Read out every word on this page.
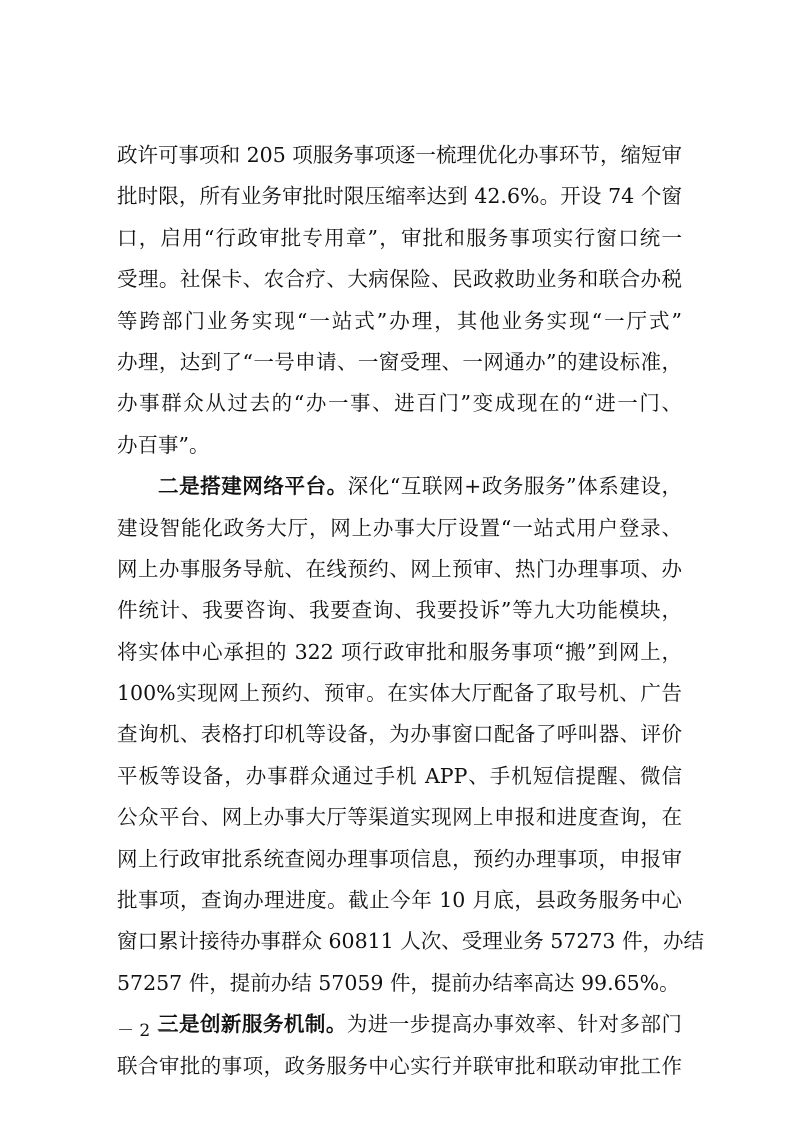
政许可事项和 205 项服务事项逐一梳理优化办事环节，缩短审
批时限，所有业务审批时限压缩率达到 42.6%。开设 74 个窗
口，启用“行政审批专用章”，审批和服务事项实行窗口统一
受理。社保卡、农合疗、大病保险、民政救助业务和联合办税
等跨部门业务实现“一站式”办理，其他业务实现“一厅式”
办理，达到了“一号申请、一窗受理、一网通办”的建设标准，
办事群众从过去的“办一事、进百门”变成现在的“进一门、
办百事”。
二是搭建网络平台。深化“互联网+政务服务”体系建设，
建设智能化政务大厅，网上办事大厅设置“一站式用户登录、
网上办事服务导航、在线预约、网上预审、热门办理事项、办
件统计、我要咨询、我要查询、我要投诉”等九大功能模块，
将实体中心承担的 322 项行政审批和服务事项“搬”到网上，
100%实现网上预约、预审。在实体大厅配备了取号机、广告
查询机、表格打印机等设备，为办事窗口配备了呼叫器、评价
平板等设备，办事群众通过手机 APP、手机短信提醒、微信
公众平台、网上办事大厅等渠道实现网上申报和进度查询，在
网上行政审批系统查阅办理事项信息，预约办理事项，申报审
批事项，查询办理进度。截止今年 10 月底，县政务服务中心
窗口累计接待办事群众 60811 人次、受理业务 57273 件，办结
57257 件，提前办结 57059 件，提前办结率高达 99.65%。
三是创新服务机制。为进一步提高办事效率、针对多部门
联合审批的事项，政务服务中心实行并联审批和联动审批工作
－ 2 －
